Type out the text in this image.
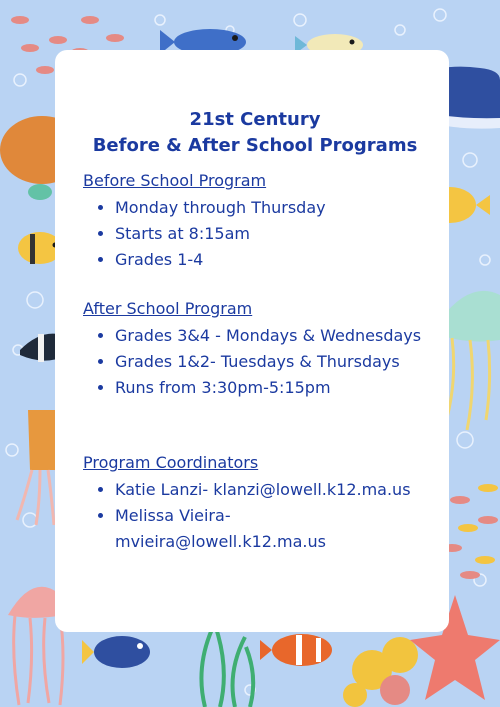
21st Century
Before & After School Programs
Before School Program
• Monday through Thursday
• Starts at 8:15am
• Grades 1-4
After School Program
• Grades 3&4 - Mondays & Wednesdays
• Grades 1&2- Tuesdays & Thursdays
• Runs from 3:30pm-5:15pm
Program Coordinators
• Katie Lanzi- klanzi@lowell.k12.ma.us
• Melissa Vieira- mvieira@lowell.k12.ma.us
